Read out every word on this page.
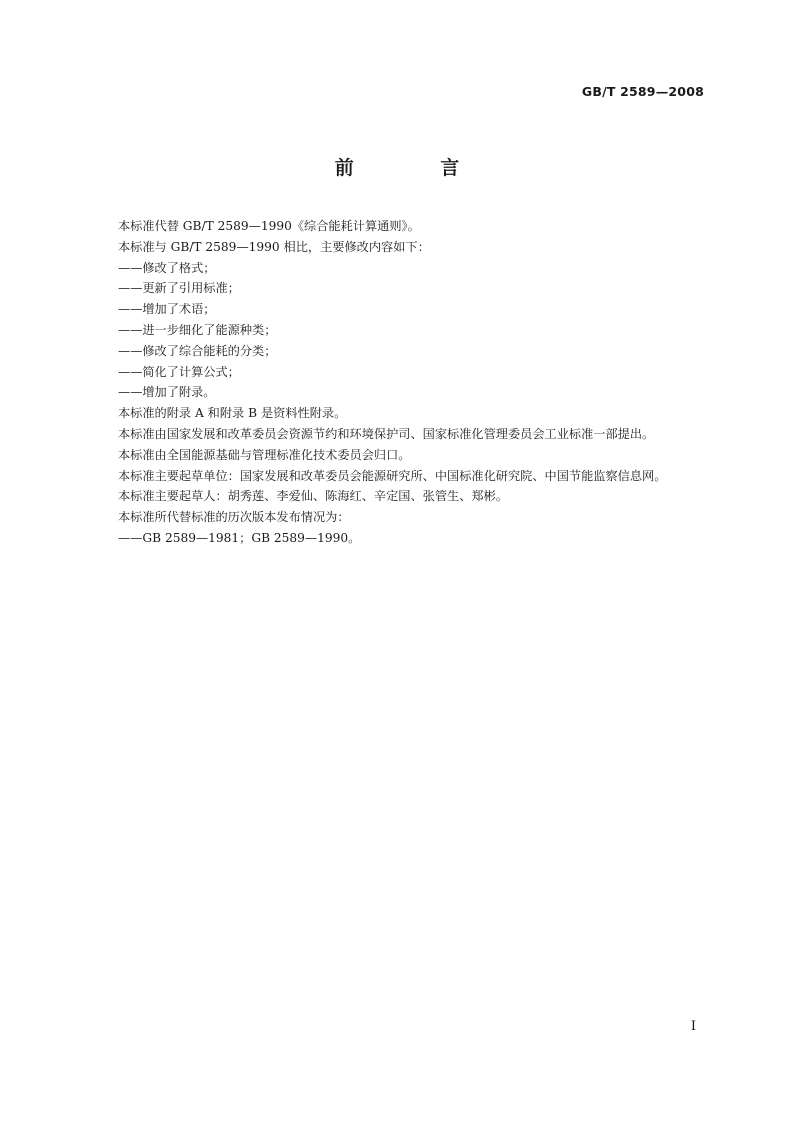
GB/T 2589—2008
前 言

本标准代替 GB/T 2589—1990《综合能耗计算通则》。

本标准与 GB/T 2589—1990 相比，主要修改内容如下：

——修改了格式；

——更新了引用标准；

——增加了术语；

——进一步细化了能源种类；

——修改了综合能耗的分类；

——简化了计算公式；

——增加了附录。

本标准的附录 A 和附录 B 是资料性附录。

本标准由国家发展和改革委员会资源节约和环境保护司、国家标准化管理委员会工业标准一部提出。

本标准由全国能源基础与管理标准化技术委员会归口。

本标准主要起草单位：国家发展和改革委员会能源研究所、中国标准化研究院、中国节能监察信息网。

本标准主要起草人：胡秀莲、李爱仙、陈海红、辛定国、张管生、郑彬。

本标准所代替标准的历次版本发布情况为：

——GB 2589—1981；GB 2589—1990。

I
